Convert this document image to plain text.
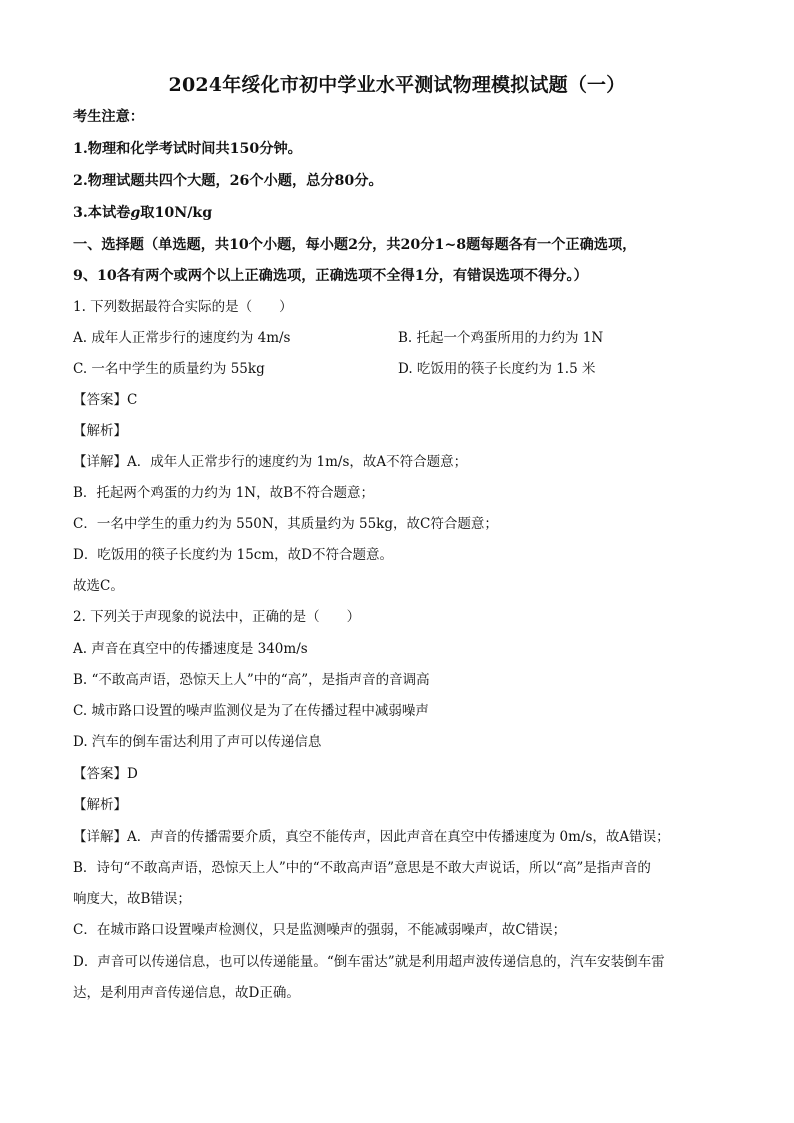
2024年绥化市初中学业水平测试物理模拟试题（一）
考生注意：
1.物理和化学考试时间共150分钟。
2.物理试题共四个大题，26个小题，总分80分。
3.本试卷g取10N/kg
一、选择题（单选题，共10个小题，每小题2分，共20分1~8题每题各有一个正确选项，
9、10各有两个或两个以上正确选项，正确选项不全得1分，有错误选项不得分。）
1. 下列数据最符合实际的是（　　）
A. 成年人正常步行的速度约为 4m/s	B. 托起一个鸡蛋所用的力约为 1N
C. 一名中学生的质量约为 55kg	D. 吃饭用的筷子长度约为 1.5 米
【答案】C
【解析】
【详解】A．成年人正常步行的速度约为 1m/s，故A不符合题意；
B．托起两个鸡蛋的力约为 1N，故B不符合题意；
C．一名中学生的重力约为 550N，其质量约为 55kg，故C符合题意；
D．吃饭用的筷子长度约为 15cm，故D不符合题意。
故选C。
2. 下列关于声现象的说法中，正确的是（　　）
A. 声音在真空中的传播速度是 340m/s
B. “不敢高声语，恐惊天上人”中的“高”，是指声音的音调高
C. 城市路口设置的噪声监测仪是为了在传播过程中减弱噪声
D. 汽车的倒车雷达利用了声可以传递信息
【答案】D
【解析】
【详解】A．声音的传播需要介质，真空不能传声，因此声音在真空中传播速度为 0m/s，故A错误；
B．诗句“不敢高声语，恐惊天上人”中的“不敢高声语”意思是不敢大声说话，所以“高”是指声音的
响度大，故B错误；
C．在城市路口设置噪声检测仪，只是监测噪声的强弱，不能减弱噪声，故C错误；
D．声音可以传递信息，也可以传递能量。“倒车雷达”就是利用超声波传递信息的，汽车安装倒车雷
达，是利用声音传递信息，故D正确。
